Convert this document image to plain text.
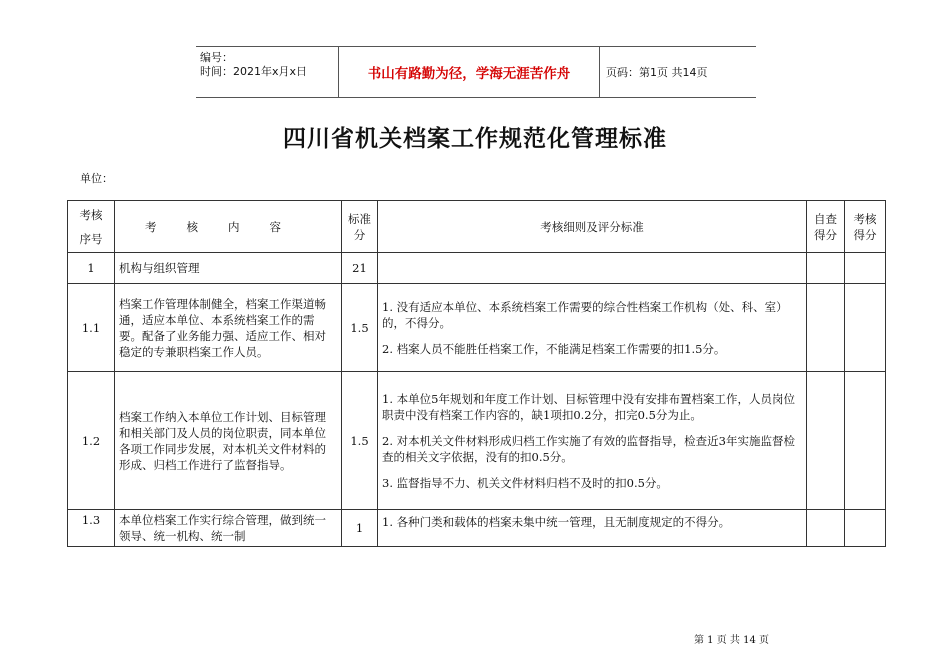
编号：
时间：2021年x月x日	书山有路勤为径，学海无涯苦作舟	页码：第1页 共14页
四川省机关档案工作规范化管理标准
单位：
考核
序号	考核内容	标准分	考核细则及评分标准	自查得分	考核得分
1	机构与组织管理	21			
1.1	档案工作管理体制健全，档案工作渠道畅通，适应本单位、本系统档案工作的需要。配备了业务能力强、适应工作、相对稳定的专兼职档案工作人员。	1.5	1. 没有适应本单位、本系统档案工作需要的综合性档案工作机构（处、科、室）的，不得分。

2. 档案人员不能胜任档案工作，不能满足档案工作需要的扣1.5分。		

1.2	档案工作纳入本单位工作计划、目标管理和相关部门及人员的岗位职责，同本单位各项工作同步发展，对本机关文件材料的形成、归档工作进行了监督指导。	1.5	1. 本单位5年规划和年度工作计划、目标管理中没有安排布置档案工作，人员岗位职责中没有档案工作内容的，缺1项扣0.2分，扣完0.5分为止。

2. 对本机关文件材料形成归档工作实施了有效的监督指导，检查近3年实施监督检查的相关文字依据，没有的扣0.5分。

3. 监督指导不力、机关文件材料归档不及时的扣0.5分。		

1.3	本单位档案工作实行综合管理，做到统一领导、统一机构、统一制	1	1. 各种门类和载体的档案未集中统一管理，且无制度规定的不得分。		

第 1 页 共 14 页
